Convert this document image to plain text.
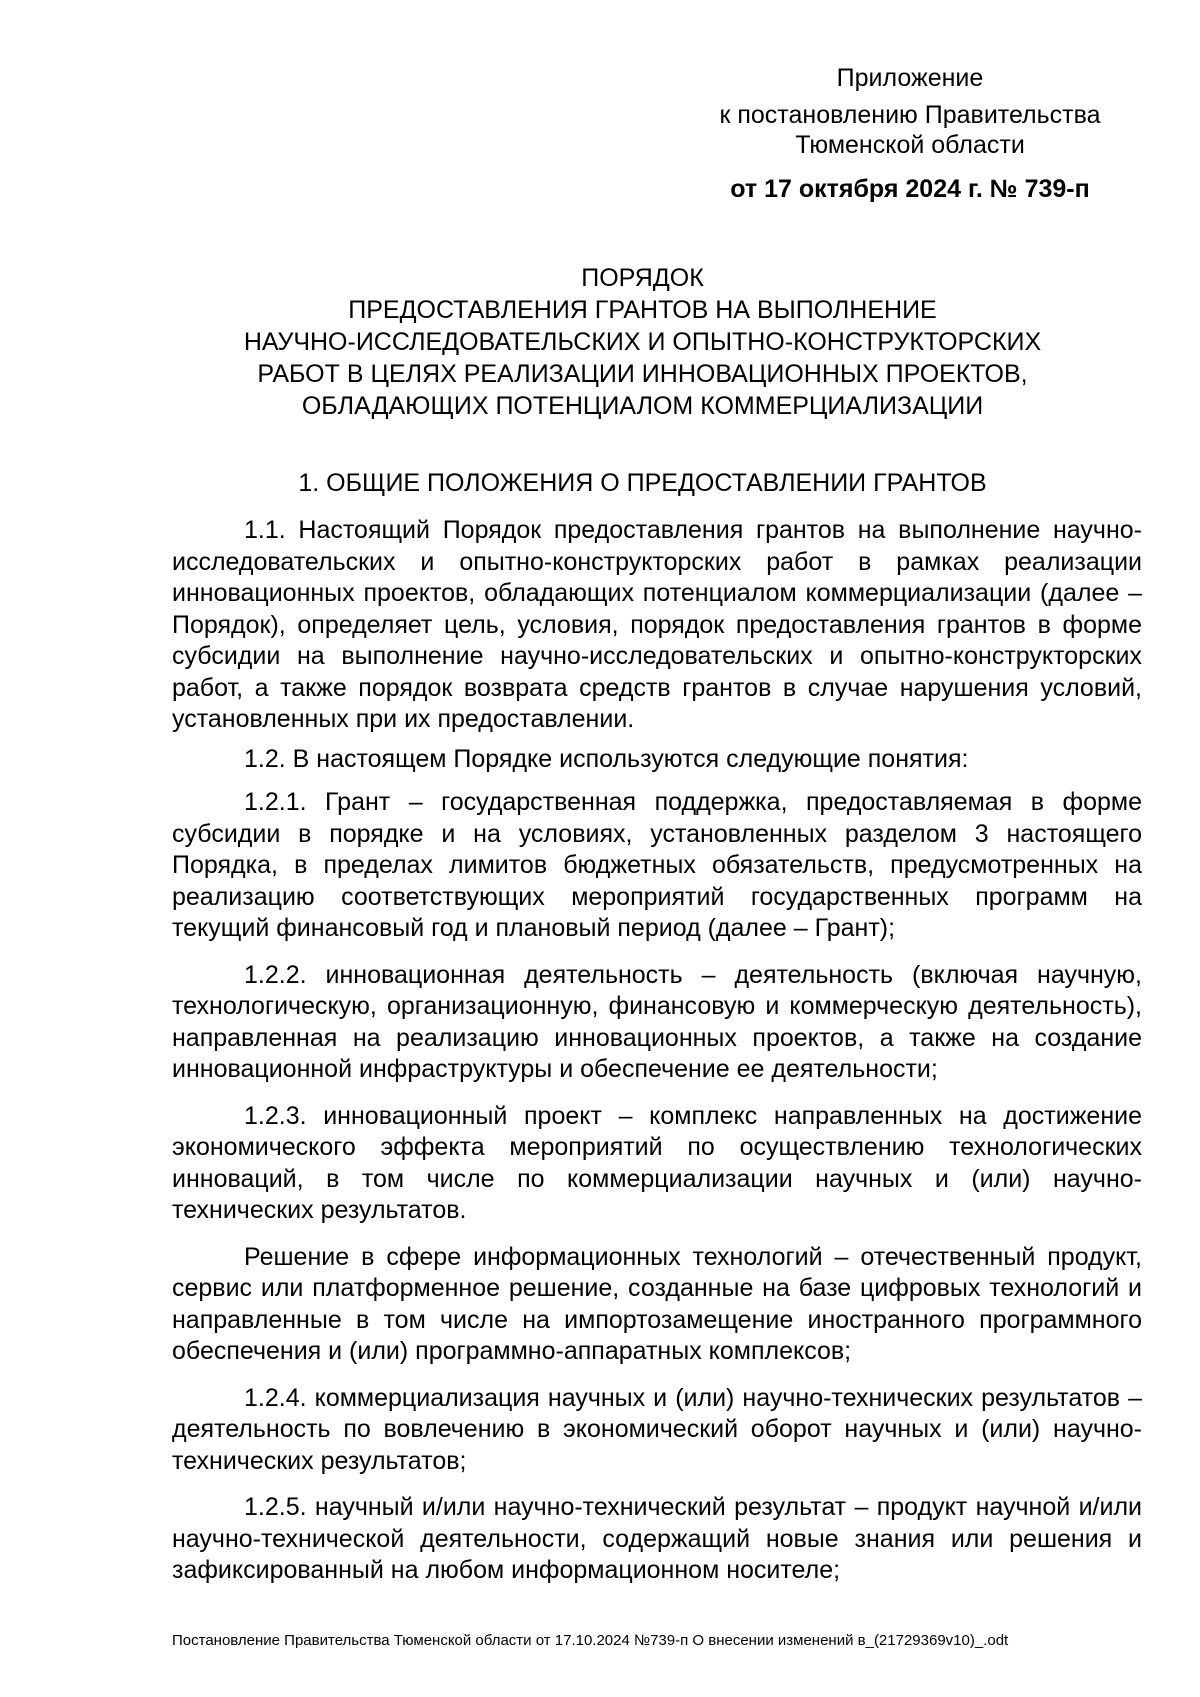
Приложение
к постановлению Правительства
Тюменской области
от 17 октября 2024 г. № 739-п
ПОРЯДОК
ПРЕДОСТАВЛЕНИЯ ГРАНТОВ НА ВЫПОЛНЕНИЕ
НАУЧНО-ИССЛЕДОВАТЕЛЬСКИХ И ОПЫТНО-КОНСТРУКТОРСКИХ
РАБОТ В ЦЕЛЯХ РЕАЛИЗАЦИИ ИННОВАЦИОННЫХ ПРОЕКТОВ,
ОБЛАДАЮЩИХ ПОТЕНЦИАЛОМ КОММЕРЦИАЛИЗАЦИИ
1. ОБЩИЕ ПОЛОЖЕНИЯ О ПРЕДОСТАВЛЕНИИ ГРАНТОВ

1.1. Настоящий Порядок предоставления грантов на выполнение научно-исследовательских и опытно-конструкторских работ в рамках реализации инновационных проектов, обладающих потенциалом коммерциализации (далее – Порядок), определяет цель, условия, порядок предоставления грантов в форме субсидии на выполнение научно-исследовательских и опытно-конструкторских работ, а также порядок возврата средств грантов в случае нарушения условий, установленных при их предоставлении.

1.2. В настоящем Порядке используются следующие понятия:

1.2.1. Грант – государственная поддержка, предоставляемая в форме субсидии в порядке и на условиях, установленных разделом 3 настоящего Порядка, в пределах лимитов бюджетных обязательств, предусмотренных на реализацию соответствующих мероприятий государственных программ на текущий финансовый год и плановый период (далее – Грант);

1.2.2. инновационная деятельность – деятельность (включая научную, технологическую, организационную, финансовую и коммерческую деятельность), направленная на реализацию инновационных проектов, а также на создание инновационной инфраструктуры и обеспечение ее деятельности;

1.2.3. инновационный проект – комплекс направленных на достижение экономического эффекта мероприятий по осуществлению технологических инноваций, в том числе по коммерциализации научных и (или) научно-технических результатов.

Решение в сфере информационных технологий – отечественный продукт, сервис или платформенное решение, созданные на базе цифровых технологий и направленные в том числе на импортозамещение иностранного программного обеспечения и (или) программно-аппаратных комплексов;

1.2.4. коммерциализация научных и (или) научно-технических результатов – деятельность по вовлечению в экономический оборот научных и (или) научно-технических результатов;

1.2.5. научный и/или научно-технический результат – продукт научной и/или научно-технической деятельности, содержащий новые знания или решения и зафиксированный на любом информационном носителе;

Постановление Правительства Тюменской области от 17.10.2024 №739-п О внесении изменений в_(21729369v10)_.odt
